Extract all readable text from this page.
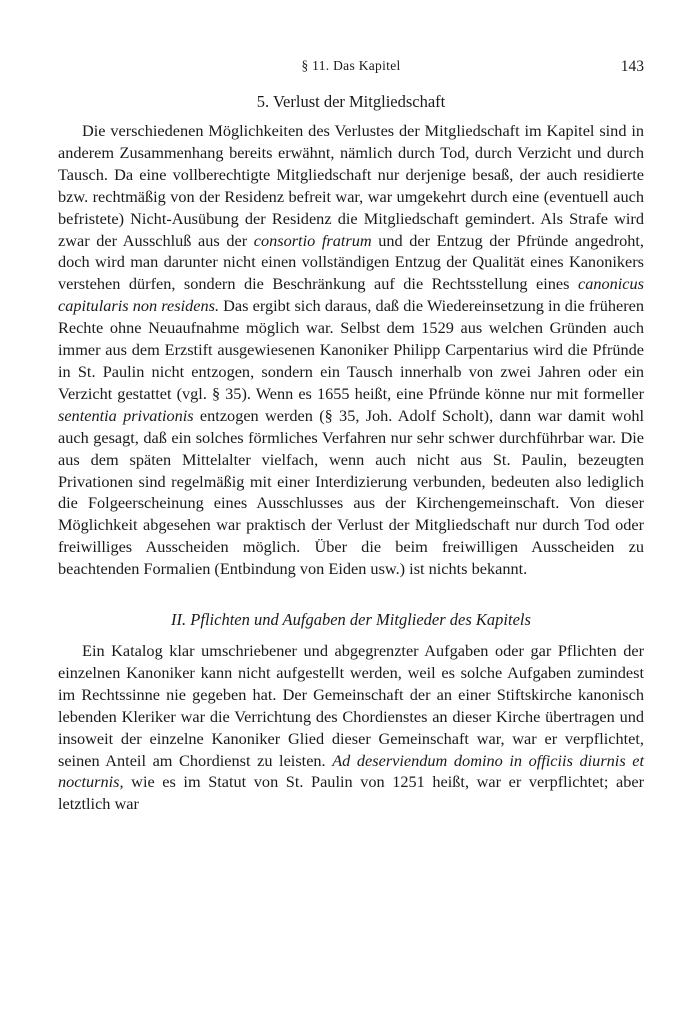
§ 11. Das Kapitel	143
5. Verlust der Mitgliedschaft

Die verschiedenen Möglichkeiten des Verlustes der Mitgliedschaft im Kapitel sind in anderem Zusammenhang bereits erwähnt, nämlich durch Tod, durch Verzicht und durch Tausch. Da eine vollberechtigte Mitgliedschaft nur derjenige besaß, der auch residierte bzw. rechtmäßig von der Residenz befreit war, war umgekehrt durch eine (eventuell auch befristete) Nicht-Ausübung der Residenz die Mitgliedschaft gemindert. Als Strafe wird zwar der Ausschluß aus der consortio fratrum und der Entzug der Pfründe angedroht, doch wird man darunter nicht einen vollständigen Entzug der Qualität eines Kanonikers verstehen dürfen, sondern die Beschränkung auf die Rechtsstellung eines canonicus capitularis non residens. Das ergibt sich daraus, daß die Wiedereinsetzung in die früheren Rechte ohne Neuaufnahme möglich war. Selbst dem 1529 aus welchen Gründen auch immer aus dem Erzstift ausgewiesenen Kanoniker Philipp Carpentarius wird die Pfründe in St. Paulin nicht entzogen, sondern ein Tausch innerhalb von zwei Jahren oder ein Verzicht gestattet (vgl. § 35). Wenn es 1655 heißt, eine Pfründe könne nur mit formeller sententia privationis entzogen werden (§ 35, Joh. Adolf Scholt), dann war damit wohl auch gesagt, daß ein solches förmliches Verfahren nur sehr schwer durchführbar war. Die aus dem späten Mittelalter vielfach, wenn auch nicht aus St. Paulin, bezeugten Privationen sind regelmäßig mit einer Interdizierung verbunden, bedeuten also lediglich die Folgeerscheinung eines Ausschlusses aus der Kirchengemeinschaft. Von dieser Möglichkeit abgesehen war praktisch der Verlust der Mitgliedschaft nur durch Tod oder freiwilliges Ausscheiden möglich. Über die beim freiwilligen Ausscheiden zu beachtenden Formalien (Entbindung von Eiden usw.) ist nichts bekannt.

II. Pflichten und Aufgaben der Mitglieder des Kapitels

Ein Katalog klar umschriebener und abgegrenzter Aufgaben oder gar Pflichten der einzelnen Kanoniker kann nicht aufgestellt werden, weil es solche Aufgaben zumindest im Rechtssinne nie gegeben hat. Der Gemeinschaft der an einer Stiftskirche kanonisch lebenden Kleriker war die Verrichtung des Chordienstes an dieser Kirche übertragen und insoweit der einzelne Kanoniker Glied dieser Gemeinschaft war, war er verpflichtet, seinen Anteil am Chordienst zu leisten. Ad deserviendum domino in officiis diurnis et nocturnis, wie es im Statut von St. Paulin von 1251 heißt, war er verpflichtet; aber letztlich war
